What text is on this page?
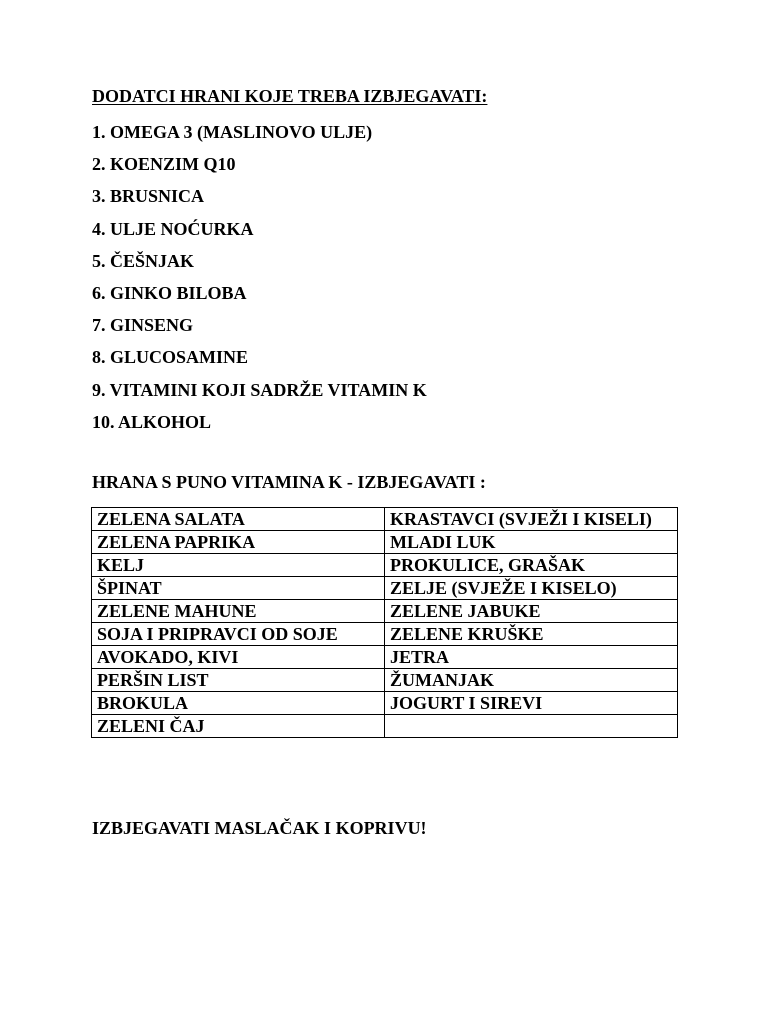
DODATCI HRANI KOJE TREBA IZBJEGAVATI:
1. OMEGA 3 (MASLINOVO ULJE)
2. KOENZIM Q10
3. BRUSNICA
4. ULJE NOĆURKA
5. ČEŠNJAK
6. GINKO BILOBA
7. GINSENG
8. GLUCOSAMINE
9. VITAMINI KOJI SADRŽE VITAMIN K
10. ALKOHOL
HRANA S PUNO VITAMINA K - IZBJEGAVATI :
ZELENA SALATA	KRASTAVCI (SVJEŽI I KISELI)
ZELENA PAPRIKA	MLADI LUK
KELJ	PROKULICE, GRAŠAK
ŠPINAT	ZELJE (SVJEŽE I KISELO)
ZELENE MAHUNE	ZELENE JABUKE
SOJA I PRIPRAVCI OD SOJE	ZELENE KRUŠKE
AVOKADO, KIVI	JETRA
PERŠIN LIST	ŽUMANJAK
BROKULA	JOGURT I SIREVI
ZELENI ČAJ	
IZBJEGAVATI MASLAČAK I KOPRIVU!
